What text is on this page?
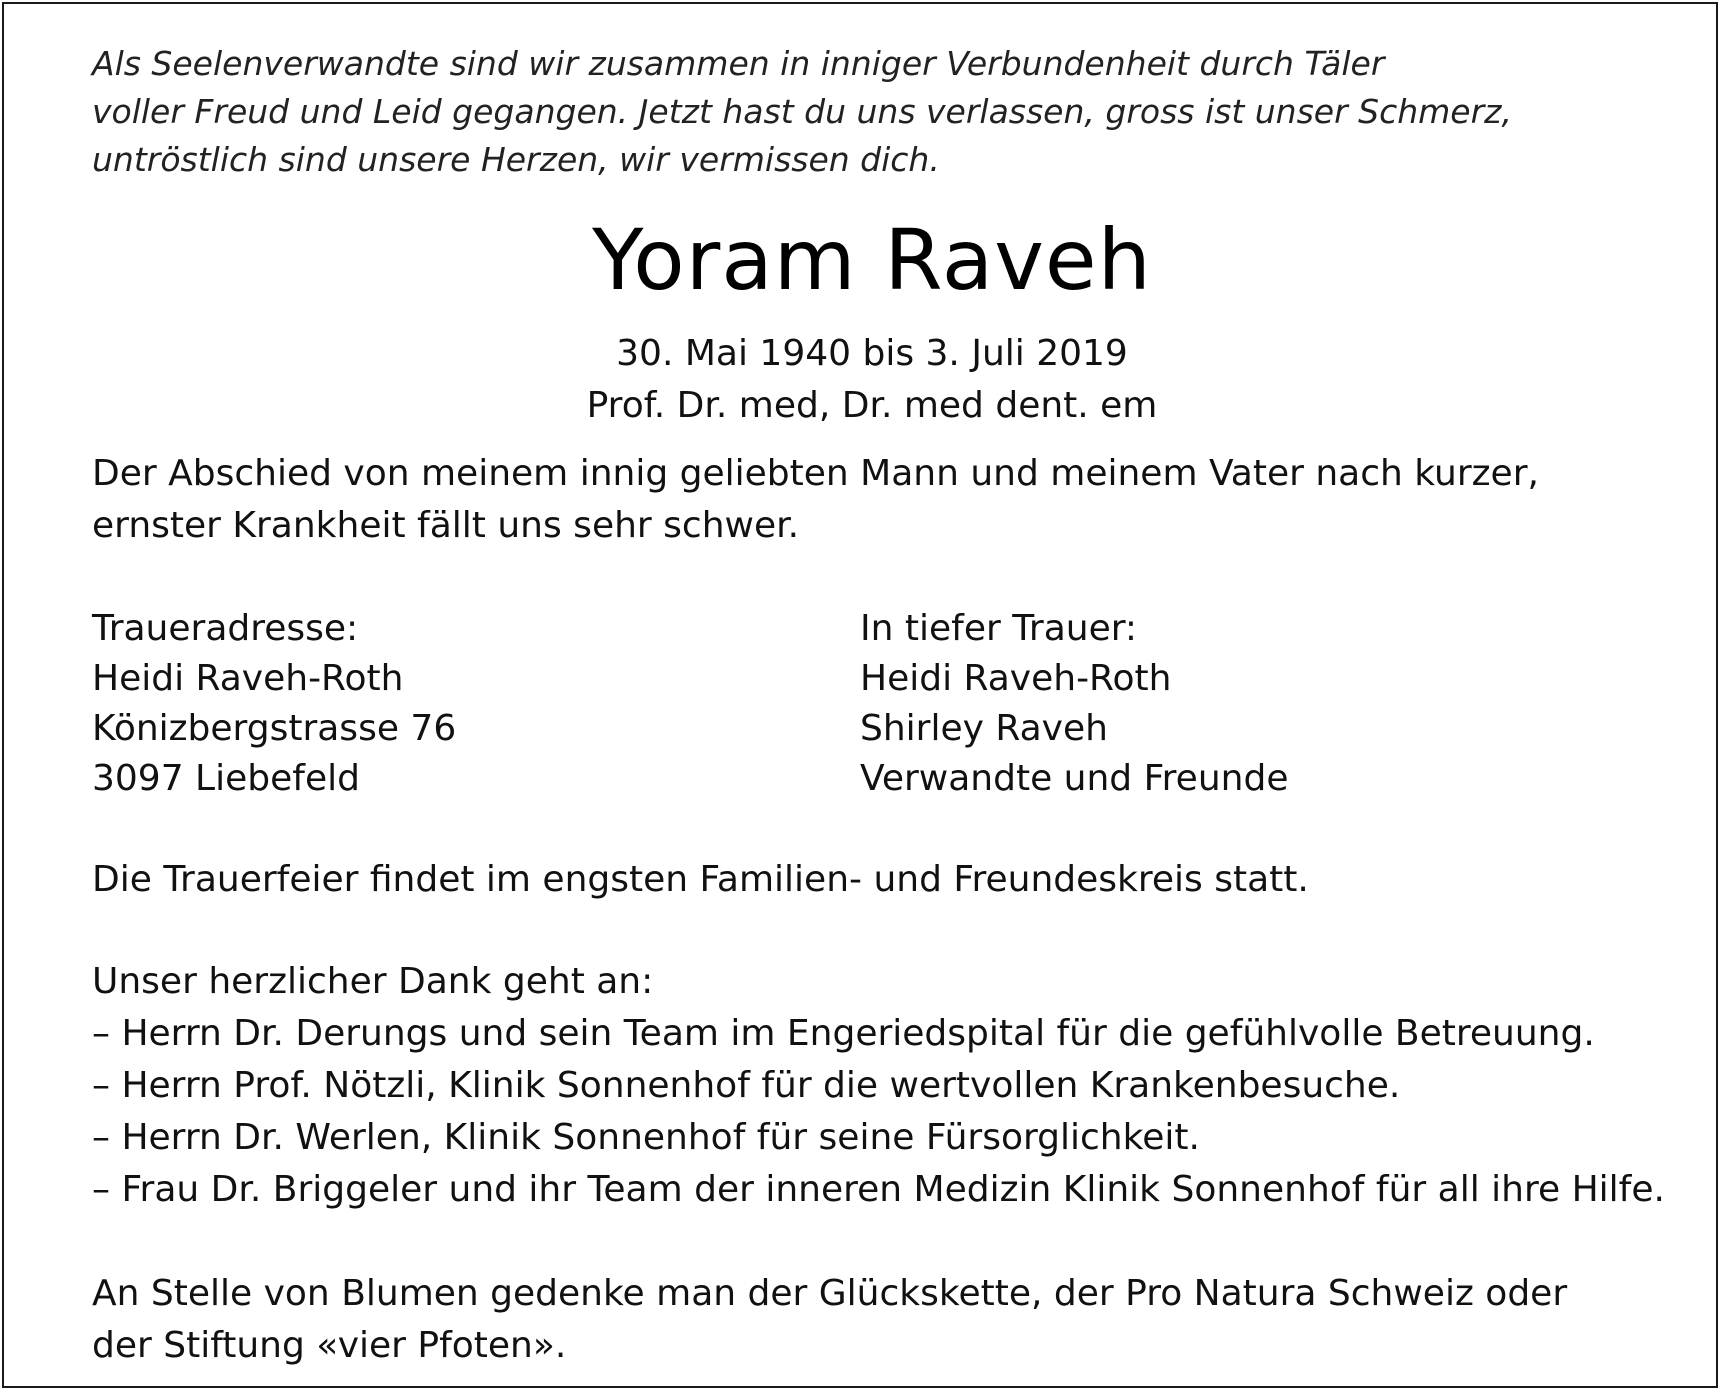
Als Seelenverwandte sind wir zusammen in inniger Verbundenheit durch Täler
voller Freud und Leid gegangen. Jetzt hast du uns verlassen, gross ist unser Schmerz,
untröstlich sind unsere Herzen, wir vermissen dich.

Yoram Raveh
30. Mai 1940 bis 3. Juli 2019
Prof. Dr. med, Dr. med dent. em

Der Abschied von meinem innig geliebten Mann und meinem Vater nach kurzer,
ernster Krankheit fällt uns sehr schwer.

Traueradresse:
Heidi Raveh-Roth
Könizbergstrasse 76
3097 Liebefeld
In tiefer Trauer:
Heidi Raveh-Roth
Shirley Raveh
Verwandte und Freunde

Die Trauerfeier findet im engsten Familien- und Freundeskreis statt.

Unser herzlicher Dank geht an:
– Herrn Dr. Derungs und sein Team im Engeriedspital für die gefühlvolle Betreuung.
– Herrn Prof. Nötzli, Klinik Sonnenhof für die wertvollen Krankenbesuche.
– Herrn Dr. Werlen, Klinik Sonnenhof für seine Fürsorglichkeit.
– Frau Dr. Briggeler und ihr Team der inneren Medizin Klinik Sonnenhof für all ihre Hilfe.

An Stelle von Blumen gedenke man der Glückskette, der Pro Natura Schweiz oder
der Stiftung «vier Pfoten».
